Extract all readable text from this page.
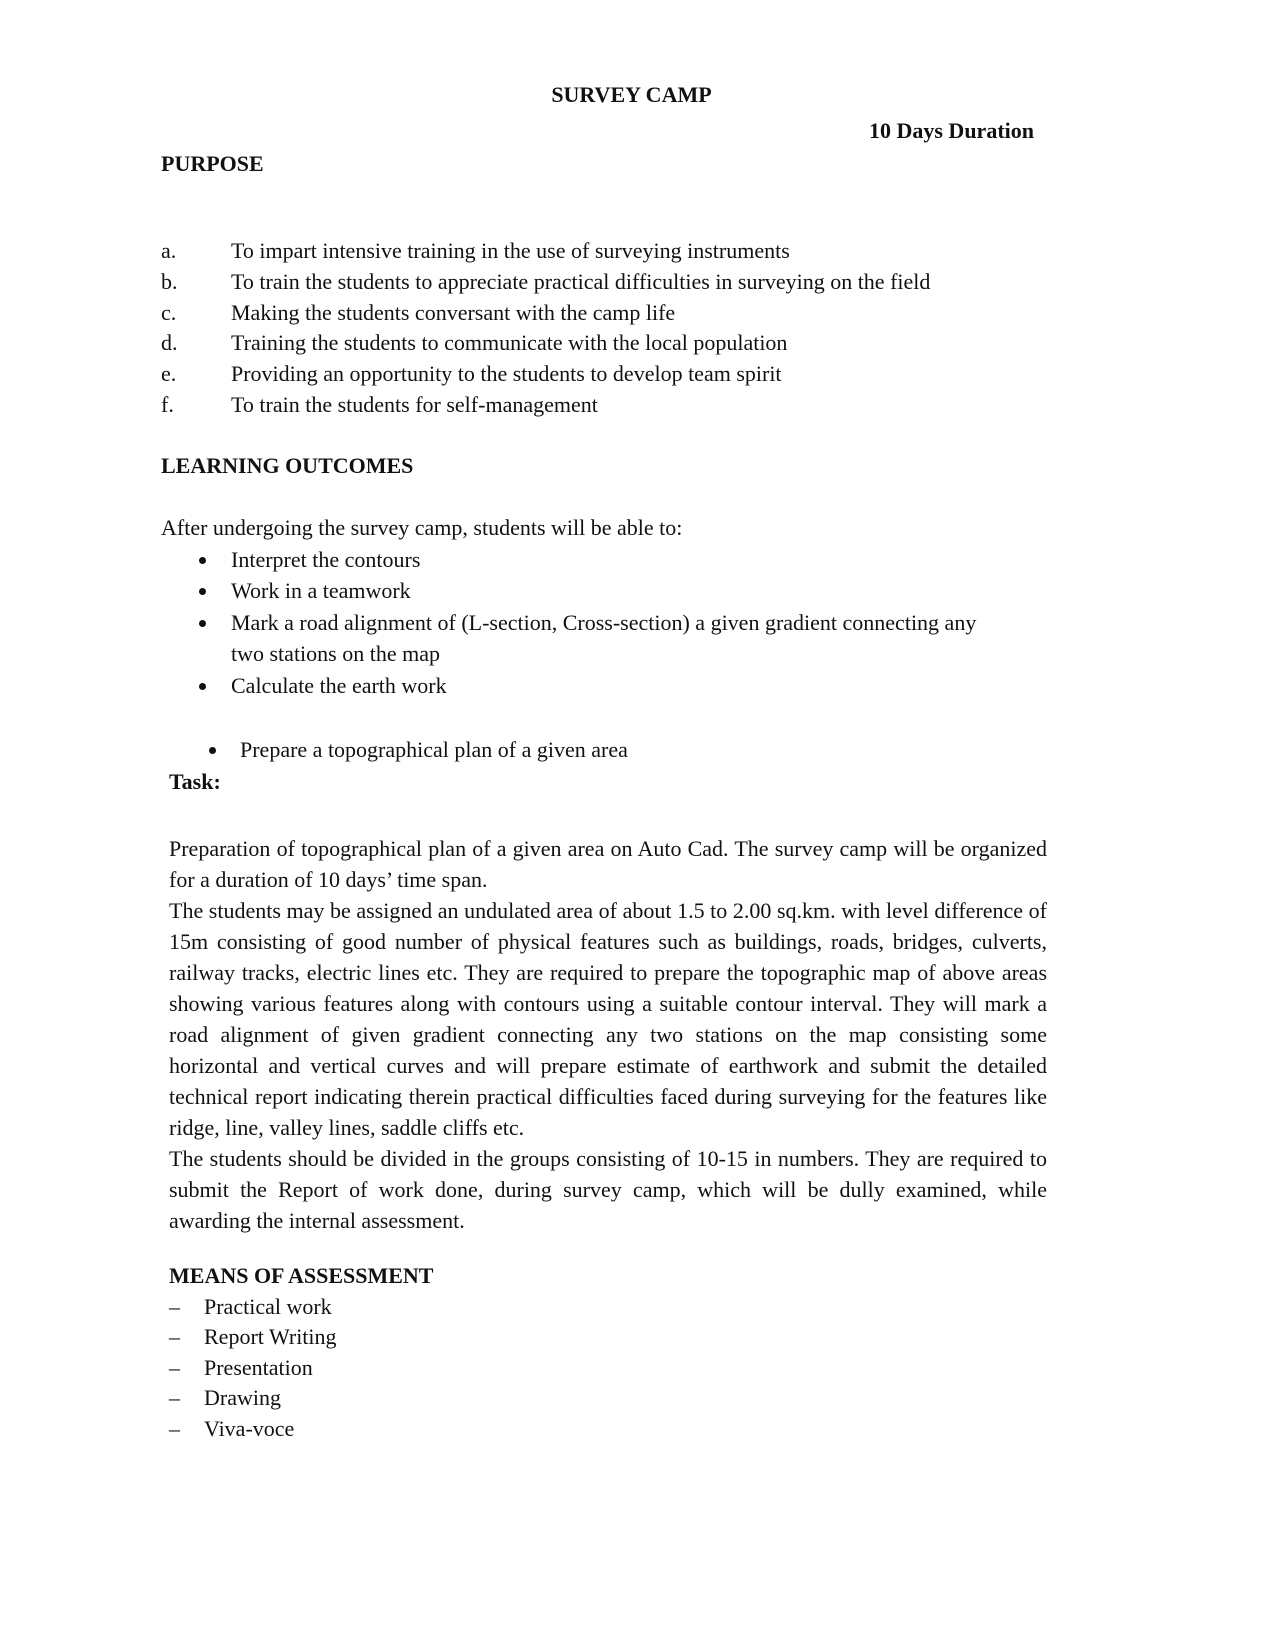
SURVEY CAMP
10 Days Duration
PURPOSE
a. To impart intensive training in the use of surveying instruments
b. To train the students to appreciate practical difficulties in surveying on the field
c. Making the students conversant with the camp life
d. Training the students to communicate with the local population
e. Providing an opportunity to the students to develop team spirit
f.	To train the students for self-management
LEARNING OUTCOMES
After undergoing the survey camp, students will be able to:
Interpret the contours
Work in a teamwork
Mark a road alignment of (L-section, Cross-section) a given gradient connecting any
two stations on the map
Calculate the earth work
Prepare a topographical plan of a given area
Task:
Preparation of topographical plan of a given area on Auto Cad. The survey camp will be organized for a duration of 10 days’ time span.
The students may be assigned an undulated area of about 1.5 to 2.00 sq.km. with level difference of 15m consisting of good number of physical features such as buildings, roads, bridges, culverts, railway tracks, electric lines etc. They are required to prepare the topographic map of above areas showing various features along with contours using a suitable contour interval. They will mark a road alignment of given gradient connecting any two stations on the map consisting some horizontal and vertical curves and will prepare estimate of earthwork and submit the detailed technical report indicating therein practical difficulties faced during surveying for the features like ridge, line, valley lines, saddle cliffs etc.
The students should be divided in the groups consisting of 10-15 in numbers. They are required to submit the Report of work done, during survey camp, which will be dully examined, while awarding the internal assessment.
MEANS OF ASSESSMENT
– Practical work
– Report Writing
– Presentation
– Drawing
– Viva-voce
